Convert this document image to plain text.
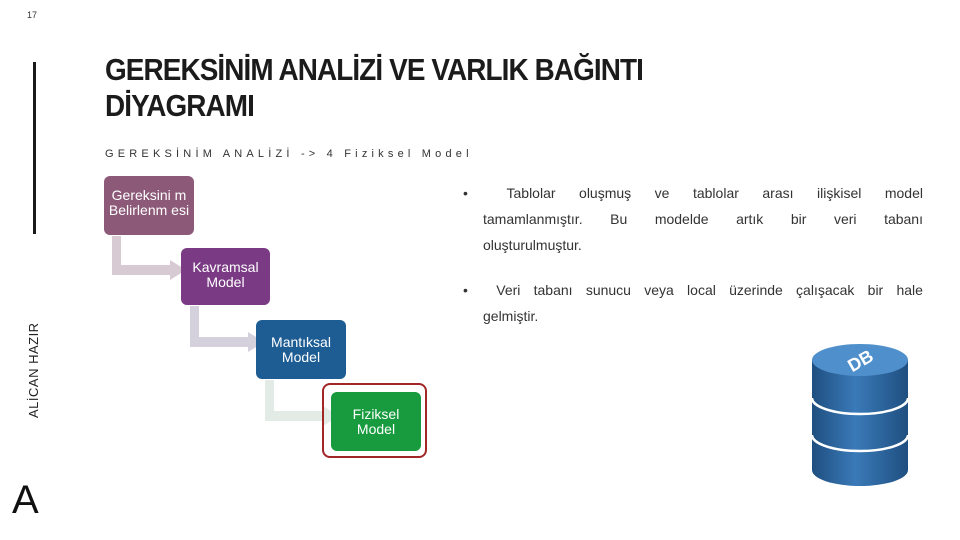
17
GEREKSİNİM ANALİZİ VE VARLIK BAĞINTI DİYAGRAMI
GEREKSİNİM ANALİZİ -> 4 Fiziksel Model
ALİCAN HAZIR
A
Gereksini m Belirlenm esi
Kavramsal Model
Mantıksal Model
Fiziksel Model
•	Tablolar oluşmuş ve tablolar arası ilişkisel model
tamamlanmıştır. Bu modelde artık bir veri tabanı
oluşturulmuştur.
•	Veri tabanı sunucu veya local üzerinde çalışacak bir hale
gelmiştir.
DB
